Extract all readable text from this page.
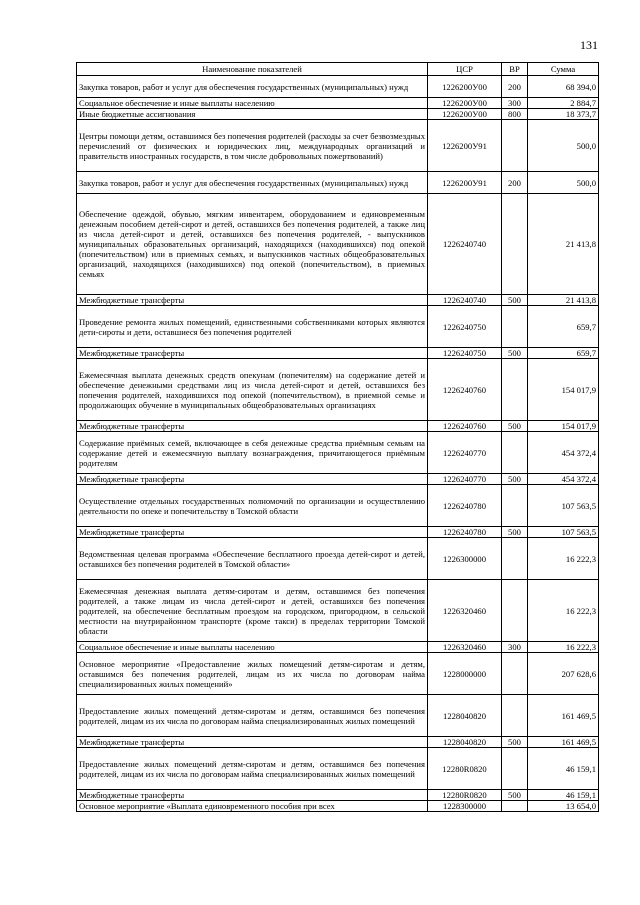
131
Наименование показателей	ЦСР	ВР	Сумма
Закупка товаров, работ и услуг для обеспечения государственных (муниципальных) нужд	1226200У00	200	68 394,0
Социальное обеспечение и иные выплаты населению	1226200У00	300	2 884,7
Иные бюджетные ассигнования	1226200У00	800	18 373,7
Центры помощи детям, оставшимся без попечения родителей (расходы за счет безвозмездных перечислений от физических и юридических лиц, международных организаций и правительств иностранных государств, в том числе добровольных пожертвований)	1226200У91		500,0
Закупка товаров, работ и услуг для обеспечения государственных (муниципальных) нужд	1226200У91	200	500,0
Обеспечение одеждой, обувью, мягким инвентарем, оборудованием и единовременным денежным пособием детей-сирот и детей, оставшихся без попечения родителей, а также лиц из числа детей-сирот и детей, оставшихся без попечения родителей, - выпускников муниципальных образовательных организаций, находящихся (находившихся) под опекой (попечительством) или в приемных семьях, и выпускников частных общеобразовательных организаций, находящихся (находившихся) под опекой (попечительством), в приемных семьях	1226240740		21 413,8
Межбюджетные трансферты	1226240740	500	21 413,8
Проведение ремонта жилых помещений, единственными собственниками которых являются дети-сироты и дети, оставшиеся без попечения родителей	1226240750		659,7
Межбюджетные трансферты	1226240750	500	659,7
Ежемесячная выплата денежных средств опекунам (попечителям) на содержание детей и обеспечение денежными средствами лиц из числа детей-сирот и детей, оставшихся без попечения родителей, находившихся под опекой (попечительством), в приемной семье и продолжающих обучение в муниципальных общеобразовательных организациях	1226240760		154 017,9
Межбюджетные трансферты	1226240760	500	154 017,9
Содержание приёмных семей, включающее в себя денежные средства приёмным семьям на содержание детей и ежемесячную выплату вознаграждения, причитающегося приёмным родителям	1226240770		454 372,4
Межбюджетные трансферты	1226240770	500	454 372,4
Осуществление отдельных государственных полномочий по организации и осуществлению деятельности по опеке и попечительству в Томской области	1226240780		107 563,5
Межбюджетные трансферты	1226240780	500	107 563,5
Ведомственная целевая программа «Обеспечение бесплатного проезда детей-сирот и детей, оставшихся без попечения родителей в Томской области»	1226300000		16 222,3
Ежемесячная денежная выплата детям-сиротам и детям, оставшимся без попечения родителей, а также лицам из числа детей-сирот и детей, оставшихся без попечения родителей, на обеспечение бесплатным проездом на городском, пригородном, в сельской местности на внутрирайонном транспорте (кроме такси) в пределах территории Томской области	1226320460		16 222,3
Социальное обеспечение и иные выплаты населению	1226320460	300	16 222,3
Основное мероприятие «Предоставление жилых помещений детям-сиротам и детям, оставшимся без попечения родителей, лицам из их числа по договорам найма специализированных жилых помещений»	1228000000		207 628,6
Предоставление жилых помещений детям-сиротам и детям, оставшимся без попечения родителей, лицам из их числа по договорам найма специализированных жилых помещений	1228040820		161 469,5
Межбюджетные трансферты	1228040820	500	161 469,5
Предоставление жилых помещений детям-сиротам и детям, оставшимся без попечения родителей, лицам из их числа по договорам найма специализированных жилых помещений	12280R0820		46 159,1
Межбюджетные трансферты	12280R0820	500	46 159,1
Основное мероприятие «Выплата единовременного пособия при всех	1228300000		13 654,0
